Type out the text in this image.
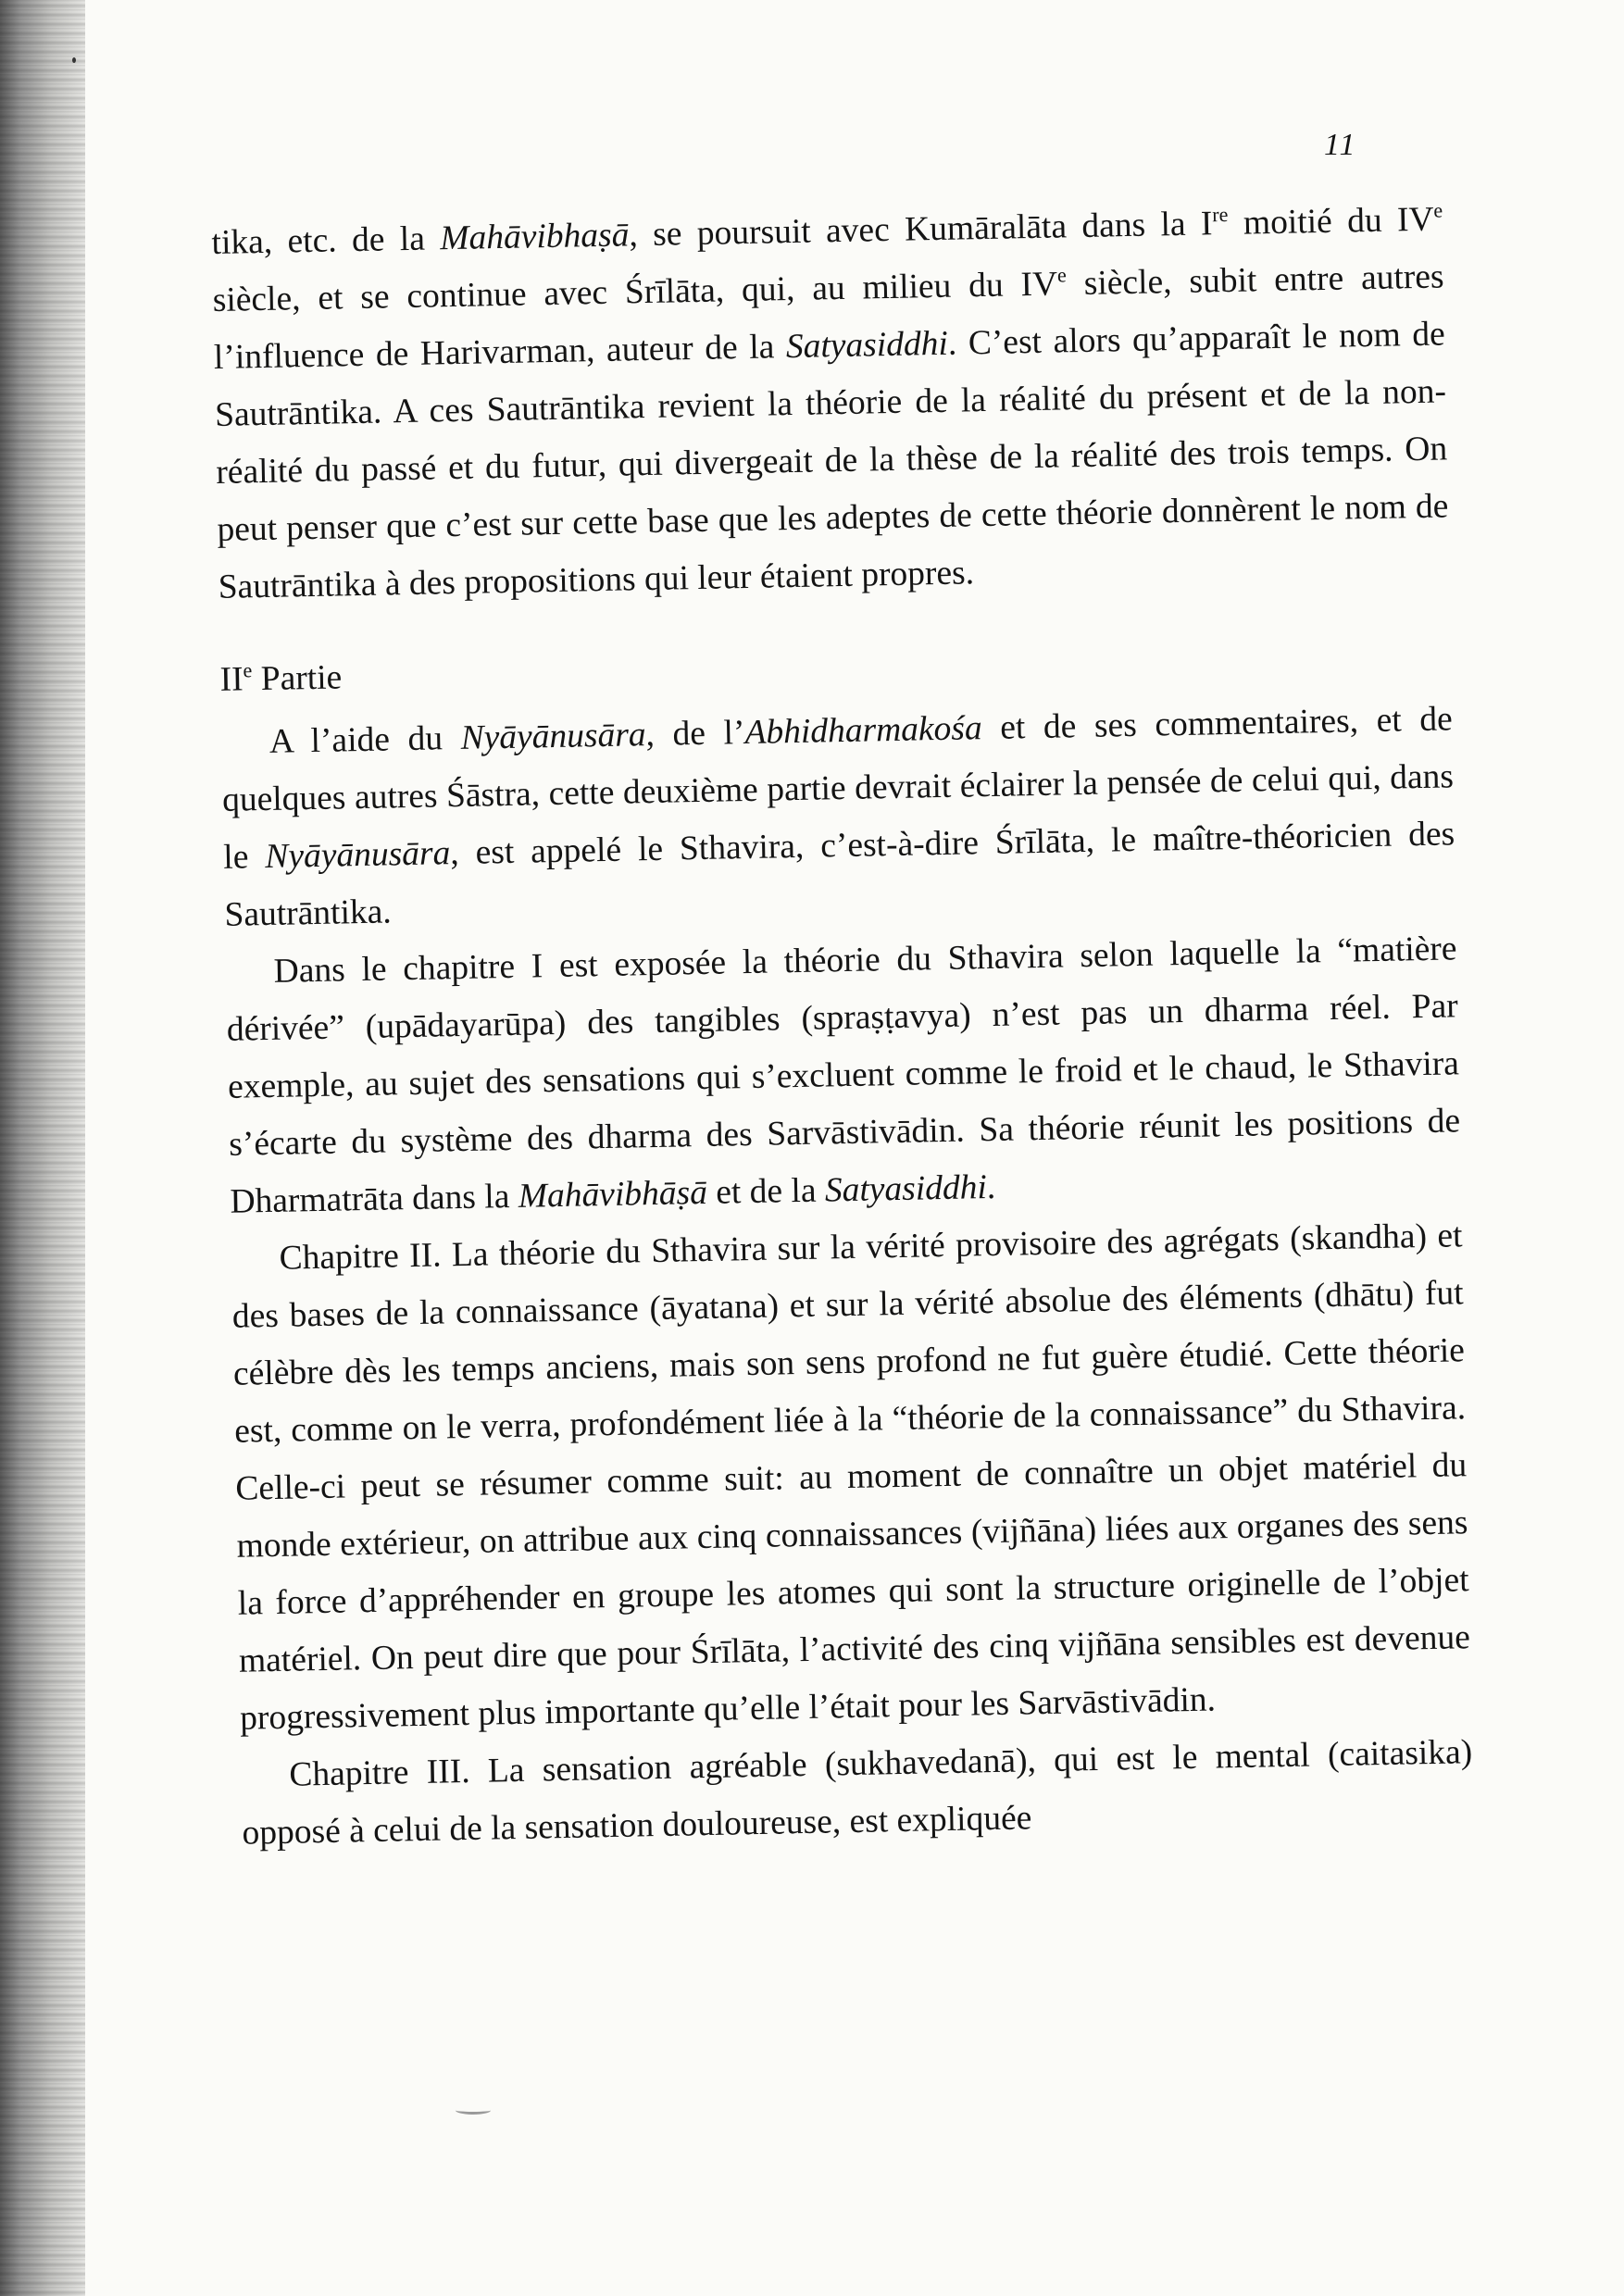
11

tika, etc. de la Mahāvibhaṣā, se poursuit avec Kumāralāta dans la Ire moitié du IVe siècle, et se continue avec Śrīlāta, qui, au milieu du IVe siècle, subit entre autres l’influence de Harivarman, auteur de la Satyasiddhi. C’est alors qu’apparaît le nom de Sautrāntika. A ces Sautrāntika revient la théorie de la réalité du présent et de la non-réalité du passé et du futur, qui divergeait de la thèse de la réalité des trois temps. On peut penser que c’est sur cette base que les adeptes de cette théorie donnèrent le nom de Sautrāntika à des propositions qui leur étaient propres.

IIe Partie

A l’aide du Nyāyānusāra, de l’Abhidharmakośa et de ses commentaires, et de quelques autres Śāstra, cette deuxième partie devrait éclairer la pensée de celui qui, dans le Nyāyānusāra, est appelé le Sthavira, c’est-à-dire Śrīlāta, le maître-théoricien des Sautrāntika.

Dans le chapitre I est exposée la théorie du Sthavira selon laquelle la “matière dérivée” (upādayarūpa) des tangibles (spraṣṭavya) n’est pas un dharma réel. Par exemple, au sujet des sensations qui s’excluent comme le froid et le chaud, le Sthavira s’écarte du système des dharma des Sarvāstivādin. Sa théorie réunit les positions de Dharmatrāta dans la Mahāvibhāṣā et de la Satyasiddhi.

Chapitre II. La théorie du Sthavira sur la vérité provisoire des agrégats (skandha) et des bases de la connaissance (āyatana) et sur la vérité absolue des éléments (dhātu) fut célèbre dès les temps anciens, mais son sens profond ne fut guère étudié. Cette théorie est, comme on le verra, profondément liée à la “théorie de la connaissance” du Sthavira. Celle-ci peut se résumer comme suit: au moment de connaître un objet matériel du monde extérieur, on attribue aux cinq connaissances (vijñāna) liées aux organes des sens la force d’appréhender en groupe les atomes qui sont la structure originelle de l’objet matériel. On peut dire que pour Śrīlāta, l’activité des cinq vijñāna sensibles est devenue progressivement plus importante qu’elle l’était pour les Sarvāstivādin.

Chapitre III. La sensation agréable (sukhavedanā), qui est le mental (caitasika) opposé à celui de la sensation douloureuse, est expliquée
